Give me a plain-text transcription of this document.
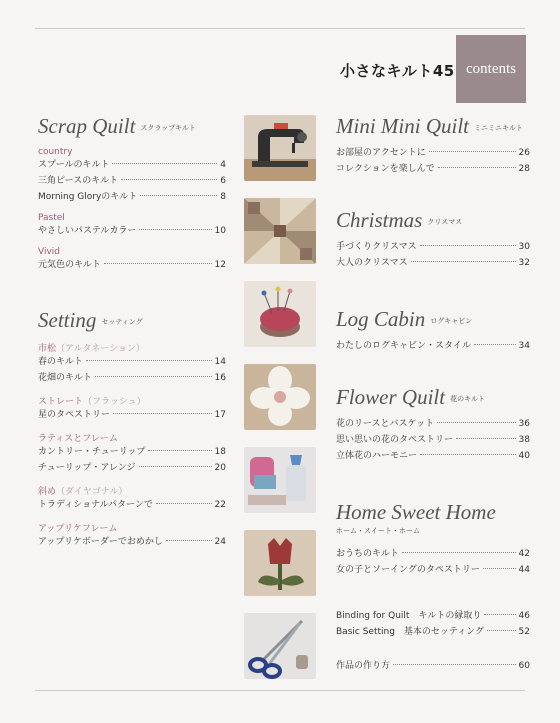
小さなキルト45 contents
Scrap Quilt スクラップキルト
country
スプールのキルト	4
三角ピースのキルト	6
Morning Gloryのキルト	8
Pastel
やさしいパステルカラー	10
Vivid
元気色のキルト	12
Setting セッティング
市松（アルタネーション）
春のキルト	14
花畑のキルト	16
ストレート（フラッシュ）
星のタペストリー	17
ラティスとフレーム
カントリー・チューリップ	18
チューリップ・アレンジ	20
斜め（ダイヤゴナル）
トラディショナルパターンで	22
アップリケフレーム
アップリケボーダーでおめかし	24
Mini Mini Quilt ミニミニキルト
お部屋のアクセントに	26
コレクションを楽しんで	28
Christmas クリスマス
手づくりクリスマス	30
大人のクリスマス	32
Log Cabin ログキャビン
わたしのログキャビン・スタイル	34
Flower Quilt 花のキルト
花のリースとバスケット	36
思い思いの花のタペストリー	38
立体花のハーモニー	40
Home Sweet Home
ホーム・スイート・ホーム
おうちのキルト	42
女の子とソーイングのタペストリー	44
Binding for Quilt　キルトの縁取り	46
Basic Setting　基本のセッティング	52
作品の作り方	60
